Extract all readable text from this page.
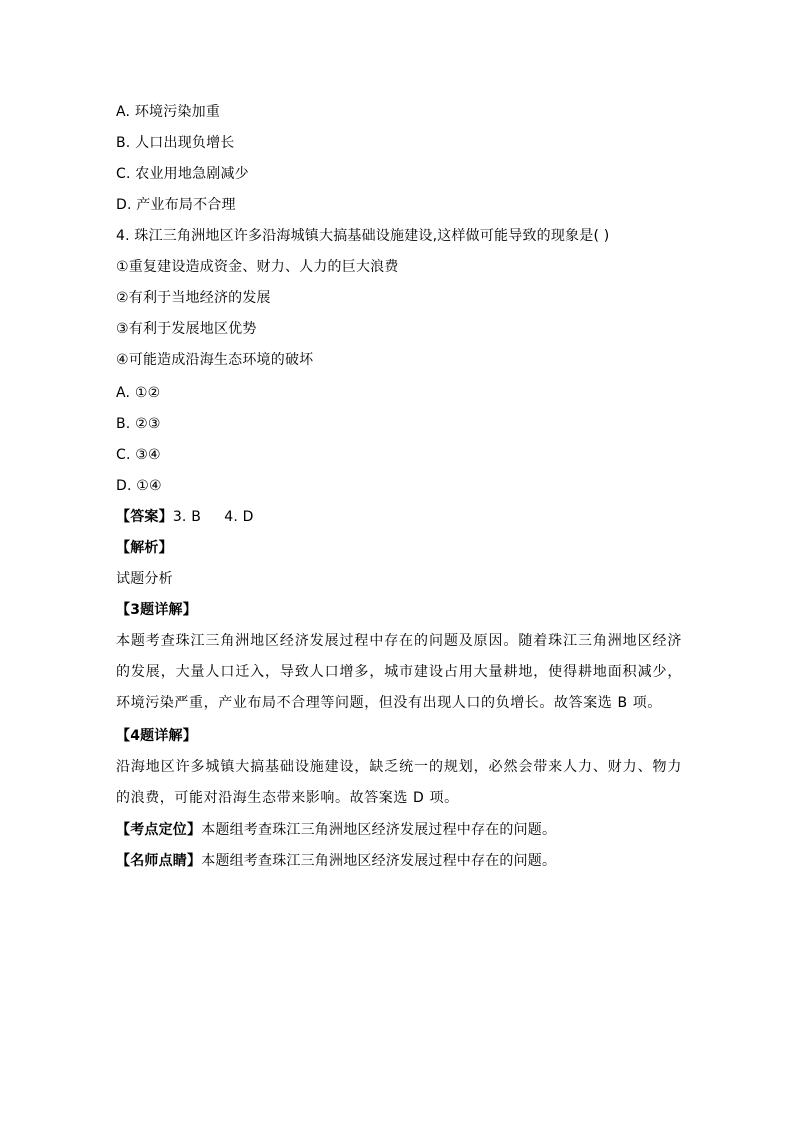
A. 环境污染加重
B. 人口出现负增长
C. 农业用地急剧减少
D. 产业布局不合理
4. 珠江三角洲地区许多沿海城镇大搞基础设施建设,这样做可能导致的现象是( )
①重复建设造成资金、财力、人力的巨大浪费
②有利于当地经济的发展
③有利于发展地区优势
④可能造成沿海生态环境的破坏
A. ①②
B. ②③
C. ③④
D. ①④
【答案】3. B     4. D
【解析】
试题分析
【3题详解】
本题考查珠江三角洲地区经济发展过程中存在的问题及原因。随着珠江三角洲地区经济的发展，大量人口迁入，导致人口增多，城市建设占用大量耕地，使得耕地面积减少，环境污染严重，产业布局不合理等问题，但没有出现人口的负增长。故答案选 B 项。
【4题详解】
沿海地区许多城镇大搞基础设施建设，缺乏统一的规划，必然会带来人力、财力、物力的浪费，可能对沿海生态带来影响。故答案选 D 项。
【考点定位】本题组考查珠江三角洲地区经济发展过程中存在的问题。
【名师点睛】本题组考查珠江三角洲地区经济发展过程中存在的问题。
